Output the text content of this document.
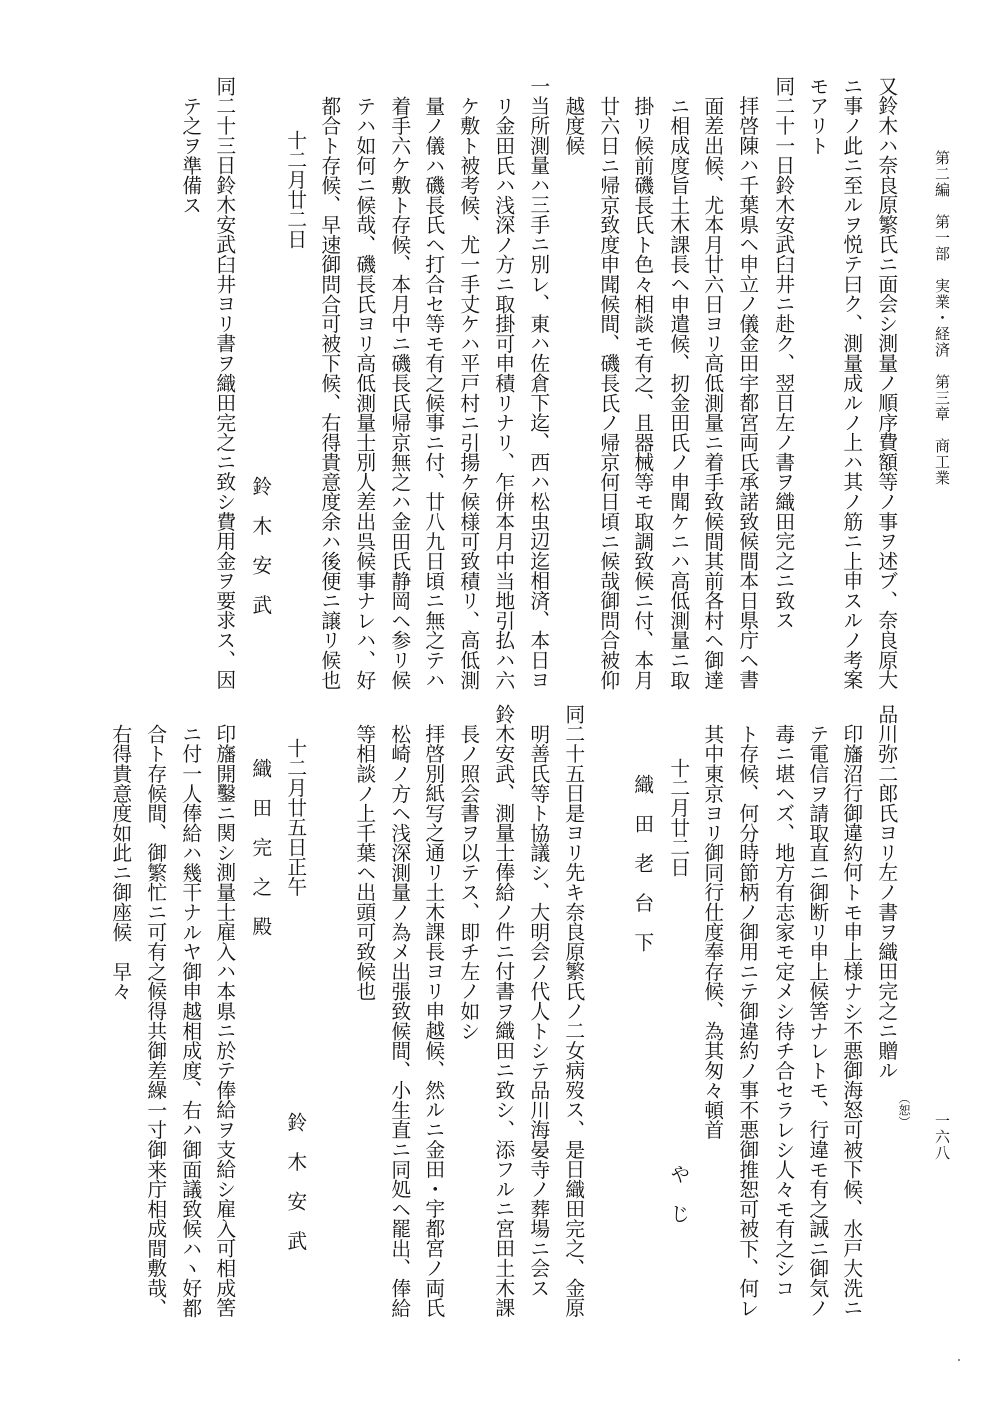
第二編　第一部　実業・経済　第三章　商工業
一六八
又鈴木ハ奈良原繁氏ニ面会シ測量ノ順序費額等ノ事ヲ述ブ、奈良原大
ニ事ノ此ニ至ルヲ悦テ曰ク、測量成ルノ上ハ其ノ筋ニ上申スルノ考案
モアリト
同二十一日鈴木安武臼井ニ赴ク、翌日左ノ書ヲ織田完之ニ致ス
　拝啓陳ハ千葉県ヘ申立ノ儀金田宇都宮両氏承諾致候間本日県庁ヘ書
面差出候、尤本月廿六日ヨリ高低測量ニ着手致候間其前各村ヘ御達
ニ相成度旨土木課長ヘ申遣候、扨金田氏ノ申聞ケニハ高低測量ニ取
掛リ候前磯長氏ト色々相談モ有之、且器械等モ取調致候ニ付、本月
廿六日ニ帰京致度申聞候間、磯長氏ノ帰京何日頃ニ候哉御問合被仰
越度候
一当所測量ハ三手ニ別レ、東ハ佐倉下迄、西ハ松虫辺迄相済、本日ヨ
リ金田氏ハ浅深ノ方ニ取掛可申積リナリ、乍併本月中当地引払ハ六
ケ敷ト被考候、尤一手丈ケハ平戸村ニ引揚ケ候様可致積リ、高低測
量ノ儀ハ磯長氏ヘ打合セ等モ有之候事ニ付、廿八九日頃ニ無之テハ
着手六ケ敷ト存候、本月中ニ磯長氏帰京無之ハ金田氏静岡ヘ参リ候
テハ如何ニ候哉、磯長氏ヨリ高低測量士別人差出呉候事ナレハ、好
都合ト存候、早速御問合可被下候、右得貴意度余ハ後便ニ譲リ候也
十二月廿二日
鈴　木　安　武
同二十三日鈴木安武臼井ヨリ書ヲ織田完之ニ致シ費用金ヲ要求ス、因
テ之ヲ準備ス
品川弥二郎氏ヨリ左ノ書ヲ織田完之ニ贈ル
（恕）
　印旛沼行御違約何トモ申上様ナシ不悪御海怒可被下候、水戸大洗ニ
テ電信ヲ請取直ニ御断リ申上候筈ナレトモ、行違モ有之誠ニ御気ノ
毒ニ堪ヘズ、地方有志家モ定メシ待チ合セラレシ人々モ有之シコ
ト存候、何分時節柄ノ御用ニテ御違約ノ事不悪御推恕可被下、何レ
其中東京ヨリ御同行仕度奉存候、為其匆々頓首
十二月廿二日
や　じ
織　田　老　台　下
同二十五日是ヨリ先キ奈良原繁氏ノ二女病歿ス、是日織田完之、金原
明善氏等ト協議シ、大明会ノ代人トシテ品川海晏寺ノ葬場ニ会ス
鈴木安武、測量士俸給ノ件ニ付書ヲ織田ニ致シ、添フルニ宮田土木課
長ノ照会書ヲ以テス、即チ左ノ如シ
　拝啓別紙写之通リ土木課長ヨリ申越候、然ルニ金田・宇都宮ノ両氏
松崎ノ方ヘ浅深測量ノ為メ出張致候間、小生直ニ同処ヘ罷出、俸給
等相談ノ上千葉ヘ出頭可致候也
十二月廿五日正午
鈴　木　安　武
織　田　完　之　殿
　印旛開鑿ニ関シ測量士雇入ハ本県ニ於テ俸給ヲ支給シ雇入可相成筈
ニ付一人俸給ハ幾干ナルヤ御申越相成度、右ハ御面議致候ハヽ好都
合ト存候間、御繁忙ニ可有之候得共御差繰一寸御来庁相成間敷哉、
右得貴意度如此ニ御座候　早々
